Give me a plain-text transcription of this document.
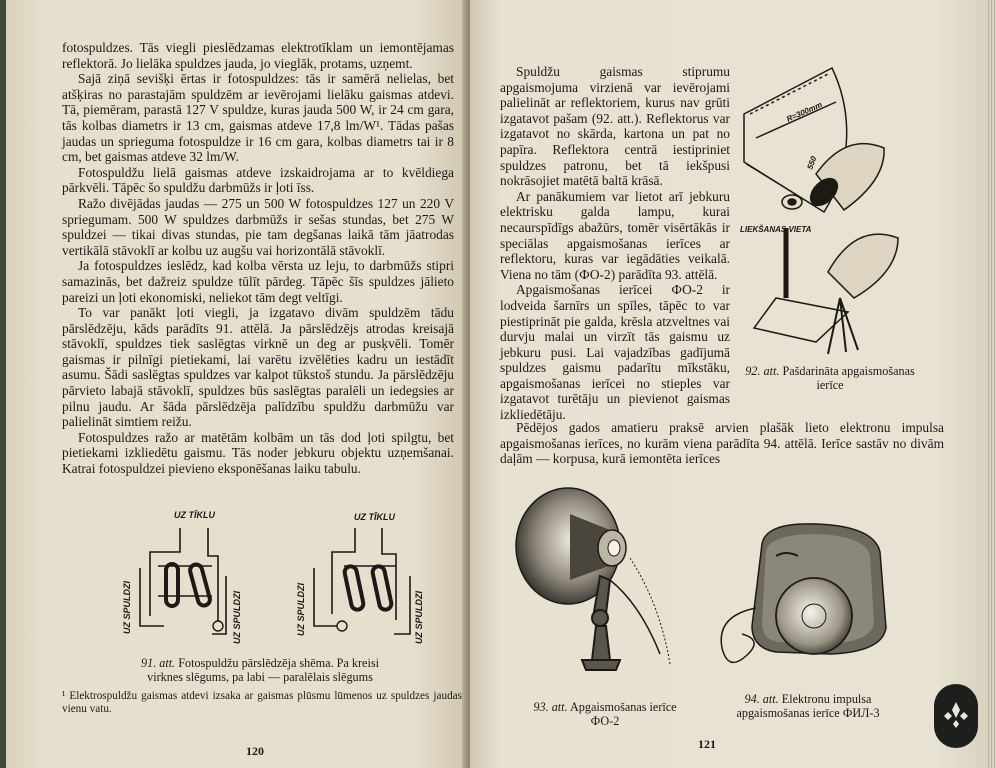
fotospuldzes. Tās viegli pieslēdzamas elektrotīklam un iemontējamas reflektorā. Jo lielāka spuldzes jauda, jo vieglāk, protams, uzņemt.

Sajā ziņā sevišķi ērtas ir fotospuldzes: tās ir samērā nelielas, bet atšķiras no parastajām spuldzēm ar ievērojami lielāku gaismas atdevi. Tā, piemēram, parastā 127 V spuldze, kuras jauda 500 W, ir 24 cm gara, tās kolbas diametrs ir 13 cm, gaismas atdeve 17,8 lm/W¹. Tādas pašas jaudas un sprieguma fotospuldze ir 16 cm gara, kolbas diametrs tai ir 8 cm, bet gaismas atdeve 32 lm/W.

Fotospuldžu lielā gaismas atdeve izskaidrojama ar to kvēldiega pārkvēli. Tāpēc šo spuldžu darbmūžs ir ļoti īss.

Ražo divējādas jaudas — 275 un 500 W fotospuldzes 127 un 220 V spriegumam. 500 W spuldzes darbmūžs ir sešas stundas, bet 275 W spuldzei — tikai divas stundas, pie tam degšanas laikā tām jāatrodas vertikālā stāvoklī ar kolbu uz augšu vai horizontālā stāvoklī.

Ja fotospuldzes ieslēdz, kad kolba vērsta uz leju, to darbmūžs stipri samazinās, bet dažreiz spuldze tūlīt pārdeg. Tāpēc šīs spuldzes jālieto pareizi un ļoti ekonomiski, neliekot tām degt veltīgi.

To var panākt ļoti viegli, ja izgatavo divām spuldzēm tādu pārslēdzēju, kāds parādīts 91. attēlā. Ja pārslēdzējs atrodas kreisajā stāvoklī, spuldzes tiek saslēgtas virknē un deg ar pusķvēli. Tomēr gaismas ir pilnīgi pietiekami, lai varētu izvēlēties kadru un iestādīt asumu. Šādi saslēgtas spuldzes var kalpot tūkstoš stundu. Ja pārslēdzēju pārvieto labajā stāvoklī, spuldzes būs saslēgtas paralēli un iedegsies ar pilnu jaudu. Ar šāda pārslēdzēja palīdzību spuldžu darbmūžu var palielināt simtiem reižu.

Fotospuldzes ražo ar matētām kolbām un tās dod ļoti spilgtu, bet pietiekami izkliedētu gaismu. Tās noder jebkuru objektu uzņemšanai. Katrai fotospuldzei pievieno eksponēšanas laiku tabulu.

UZ TĪKLU	UZ TĪKLU
UZ SPULDZI	UZ SPULDZI	UZ SPULDZI	UZ SPULDZI
91. att. Fotospuldžu pārslēdzēja shēma. Pa kreisi
virknes slēgums, pa labi — paralēlais slēgums
¹ Elektrospuldžu gaismas atdevi izsaka ar gaismas plūsmu lūmenos uz spuldzes jaudas vienu vatu.
120

Spuldžu gaismas stiprumu apgaismojuma virzienā var ievērojami palielināt ar reflektoriem, kurus nav grūti izgatavot pašam (92. att.). Reflektorus var izgatavot no skārda, kartona un pat no papīra. Reflektora centrā iestipriniet spuldzes patronu, bet tā iekšpusi nokrāsojiet matētā baltā krāsā.

Ar panākumiem var lietot arī jebkuru elektrisku galda lampu, kurai necaurspīdīgs abažūrs, tomēr visērtākās ir speciālas apgaismošanas ierīces ar reflektoru, kuras var iegādāties veikalā. Viena no tām (ФО-2) parādīta 93. attēlā.

Apgaismošanas ierīcei ФО-2 ir lodveida šarnīrs un spīles, tāpēc to var piestiprināt pie galda, krēsla atzveltnes vai durvju malai un virzīt tās gaismu uz jebkuru pusi. Lai vajadzības gadījumā spuldzes gaismu padarītu mīkstāku, apgaismošanas ierīcei no stieples var izgatavot turētāju un pievienot gaismas izkliedētāju.

Pēdējos gados amatieru praksē arvien plašāk lieto elektronu impulsa apgaismošanas ierīces, no kurām viena parādīta 94. attēlā. Ierīce sastāv no divām daļām — korpusa, kurā iemontēta ierīces

R=300mm
550
LIEKŠANAS VIETA
92. att. Pašdarināta apgaismošanas ierīce
93. att. Apgaismošanas ierīce ФО-2
94. att. Elektronu impulsa apgaismošanas ierīce ФИЛ-3
121
